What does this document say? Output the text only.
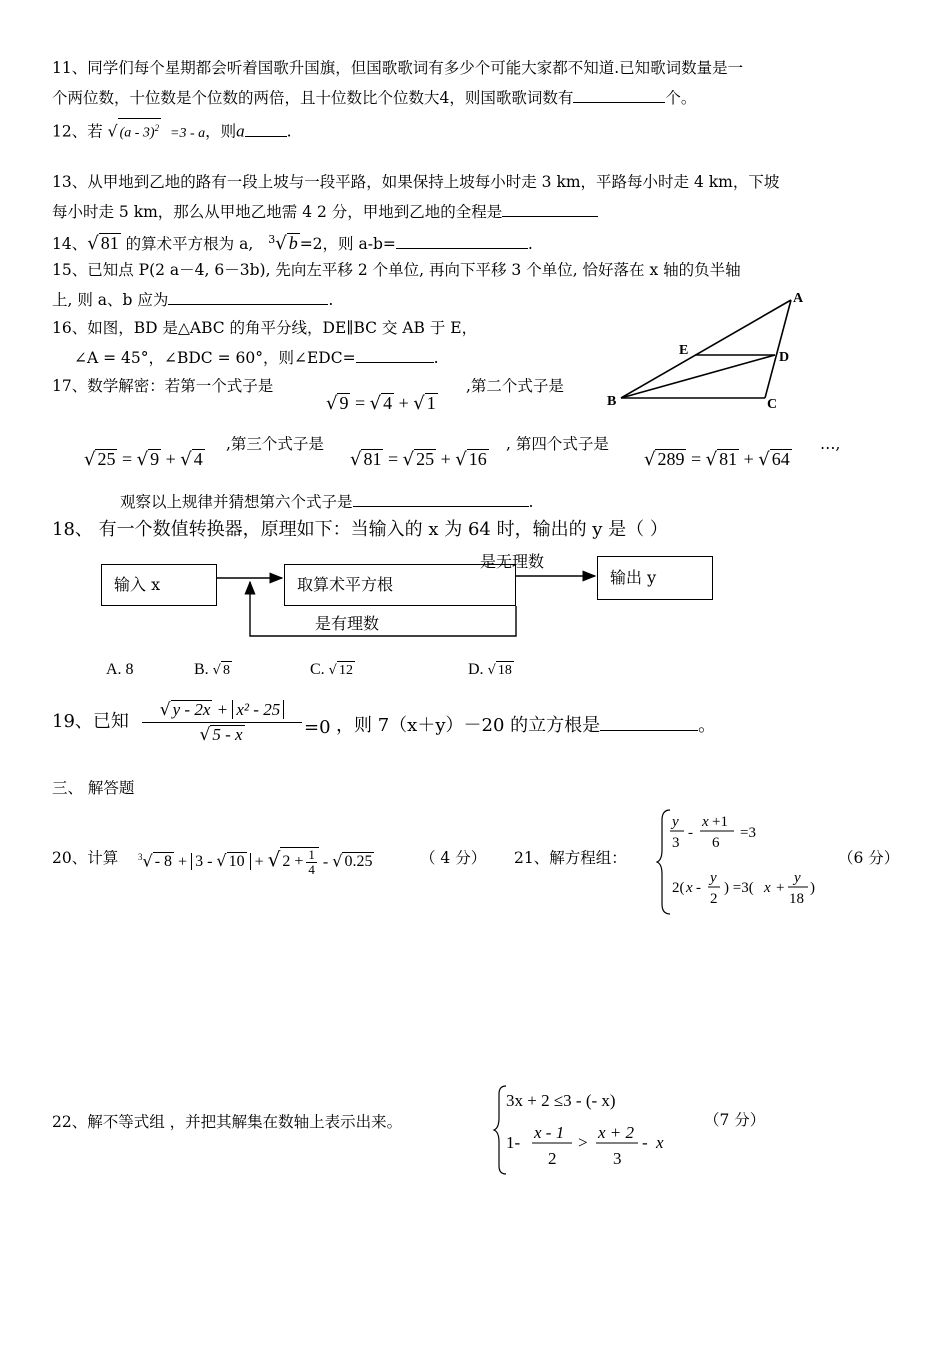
11、同学们每个星期都会听着国歌升国旗，但国歌歌词有多少个可能大家都不知道.已知歌词数量是一
个两位数，十位数是个位数的两倍，且十位数比个位数大4，则国歌歌词数有	个。
12、若 √ (a - 3)$^2$ =3 - a，则a	.
13、从甲地到乙地的路有一段上坡与一段平路，如果保持上坡每小时走 3 km，平路每小时走 4 km，下坡
每小时走 5 km，那么从甲地乙地需 4 2 分，甲地到乙地的全程是
14、√ 81 的算术平方根为 a, $^3$√ b =2，则 a-b=	.
15、已知点 P(2 a－4, 6－3b), 先向左平移 2 个单位, 再向下平移 3 个单位, 恰好落在 x 轴的负半轴
上, 则 a、b 应为	.
16、如图，BD 是△ABC 的角平分线，DE∥BC 交 AB 于 E，
∠A = 45°，∠BDC = 60°，则∠EDC=	.
A
B	C
D
E
17、数学解密：若第一个式子是
√ 9 = √ 4 + √ 1
,第二个式子是
√ 25 = √ 9 + √ 4
,第三个式子是
√ 81 = √ 25 + √ 16
, 第四个式子是
√ 289 = √ 81 + √ 64
…,
观察以上规律并猜想第六个式子是	.
18、 有一个数值转换器，原理如下：当输入的 x 为 64 时，输出的 y 是（ ）
输入 x	取算术平方根	输出 y
是无理数
是有理数
A. 8	B. √ 8	C. √ 12	D. √ 18
19、已知 $\frac{\text{√ y - 2x + x² - 25}}{√ 5 - x} =0$ ，则 7（x＋y）－20 的立方根是	。
三、 解答题
20、计算 $^3$√ - 8 + 3 - √ 10 + √ $2 + \frac{1}{4}$ - √ 0.25	（ 4 分） 21、解方程组：
y
3
-
x +1
6
=3
2( x -
y
2
) =3( x +
y
18
)
（6 分）
22、解不等式组 ，并把其解集在数轴上表示出来。
3x + 2 ≤3 - (- x)
1-
x - 1
2
>
x + 2
3
- x
（7 分）
